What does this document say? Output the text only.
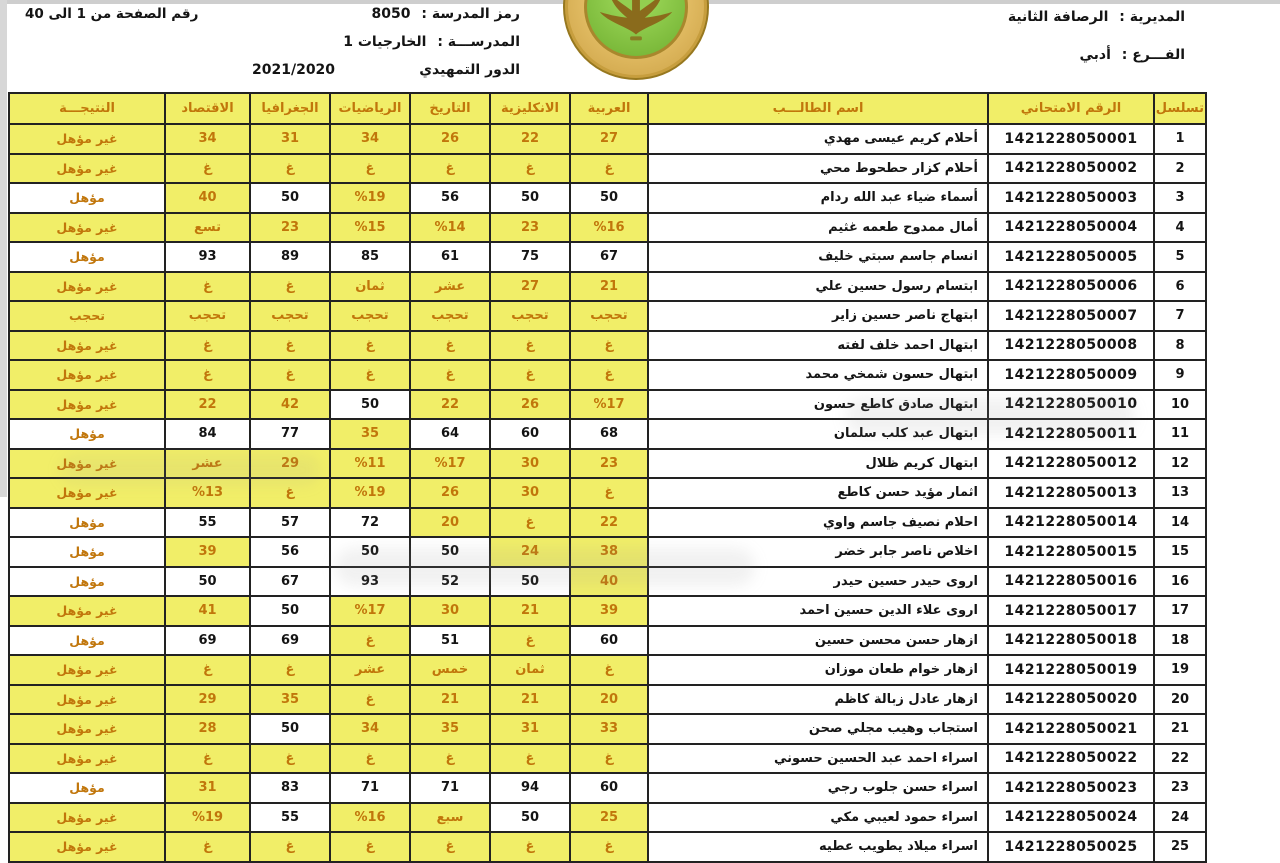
المديرية : الرصافة الثانية
الفـــرع : أدبي
رمز المدرسة : 8050
المدرســـة : الخارجيات 1
الدور التمهيدي
2021/2020
رقم الصفحة من 1 الى 40
تسلسل	الرقم الامتحاني	اسم الطالـــب	العربية	الانكليزية	التاريخ	الرياضيات	الجغرافيا	الاقتصاد	النتيجـــة
1	1421228050001	أحلام كريم عيسى مهدي	27	22	26	34	31	34	غير مؤهل
2	1421228050002	أحلام كزار حطحوط محي	غ	غ	غ	غ	غ	غ	غير مؤهل
3	1421228050003	أسماء ضياء عبد الله ردام	50	50	56	%19	50	40	مؤهل
4	1421228050004	أمال ممدوح طعمه غثيم	%16	23	%14	%15	23	تسع	غير مؤهل
5	1421228050005	انسام جاسم سبتي خليف	67	75	61	85	89	93	مؤهل
6	1421228050006	ابتسام رسول حسين علي	21	27	عشر	ثمان	غ	غ	غير مؤهل
7	1421228050007	ابتهاج ناصر حسين زاير	تحجب	تحجب	تحجب	تحجب	تحجب	تحجب	تحجب
8	1421228050008	ابتهال احمد خلف لفته	غ	غ	غ	غ	غ	غ	غير مؤهل
9	1421228050009	ابتهال حسون شمخي محمد	غ	غ	غ	غ	غ	غ	غير مؤهل
10	1421228050010	ابتهال صادق كاطع حسون	%17	26	22	50	42	22	غير مؤهل
11	1421228050011	ابتهال عبد كلب سلمان	68	60	64	35	77	84	مؤهل
12	1421228050012	ابتهال كريم ظلال	23	30	%17	%11	29	عشر	غير مؤهل
13	1421228050013	اثمار مؤيد حسن كاطع	غ	30	26	%19	غ	%13	غير مؤهل
14	1421228050014	احلام نصيف جاسم واوي	22	غ	20	72	57	55	مؤهل
15	1421228050015	اخلاص ناصر جابر خضر	38	24	50	50	56	39	مؤهل
16	1421228050016	اروى حيدر حسين حيدر	40	50	52	93	67	50	مؤهل
17	1421228050017	اروى علاء الدين حسين احمد	39	21	30	%17	50	41	غير مؤهل
18	1421228050018	ازهار حسن محسن حسين	60	غ	51	غ	69	69	مؤهل
19	1421228050019	ازهار خوام طعان موزان	غ	ثمان	خمس	عشر	غ	غ	غير مؤهل
20	1421228050020	ازهار عادل زبالة كاظم	20	21	21	غ	35	29	غير مؤهل
21	1421228050021	استجاب وهيب مجلي صحن	33	31	35	34	50	28	غير مؤهل
22	1421228050022	اسراء احمد عبد الحسين حسوني	غ	غ	غ	غ	غ	غ	غير مؤهل
23	1421228050023	اسراء حسن جلوب رجي	60	94	71	71	83	31	مؤهل
24	1421228050024	اسراء حمود لعيبي مكي	25	50	سبع	%16	55	%19	غير مؤهل
25	1421228050025	اسراء ميلاد يطويب عطيه	غ	غ	غ	غ	غ	غ	غير مؤهل
